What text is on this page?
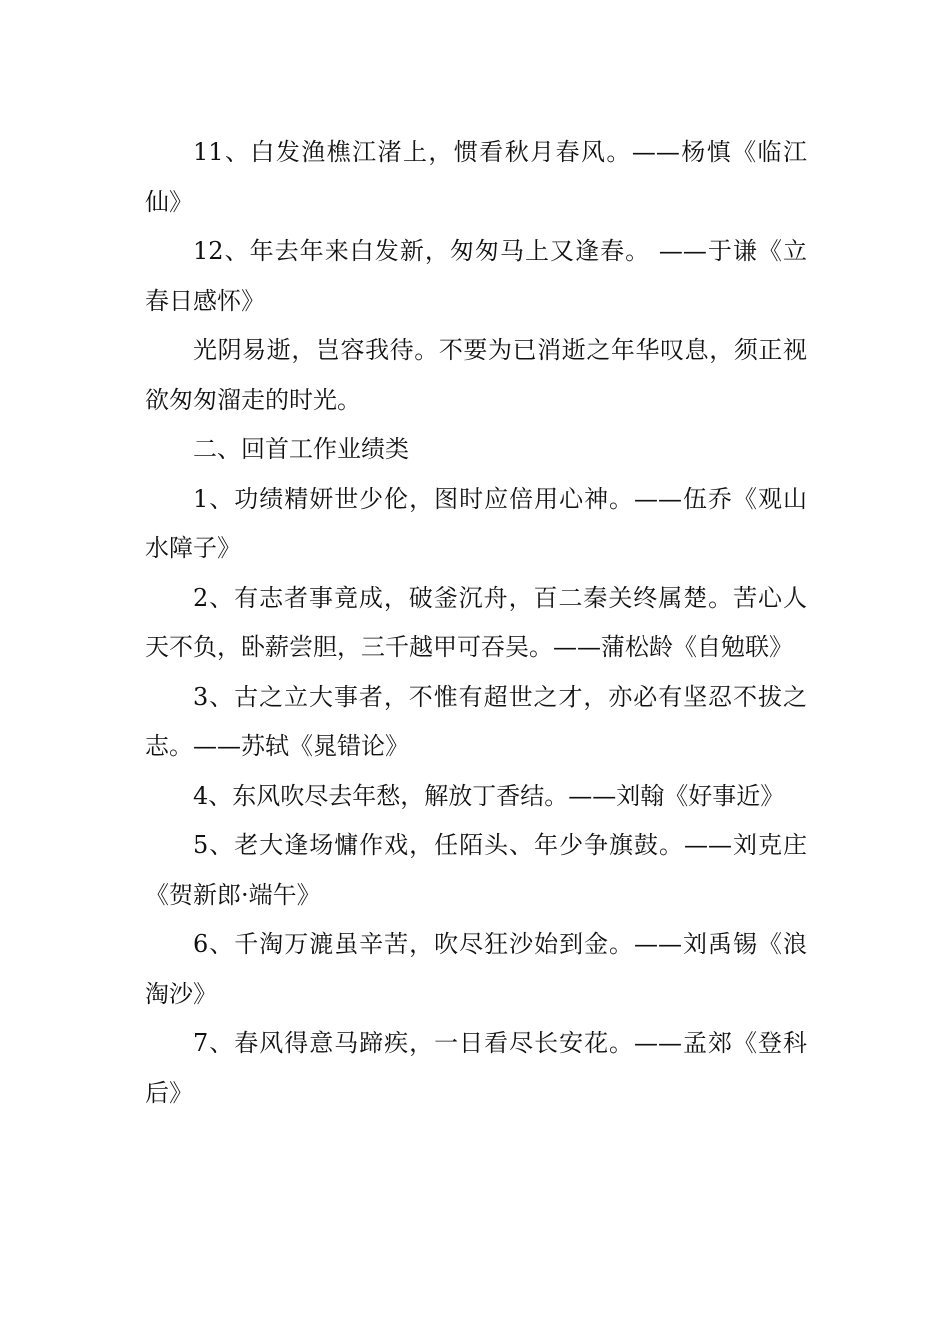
11、白发渔樵江渚上，惯看秋月春风。——杨慎《临江仙》

12、年去年来白发新，匆匆马上又逢春。 ——于谦《立春日感怀》

光阴易逝，岂容我待。不要为已消逝之年华叹息，须正视欲匆匆溜走的时光。

二、回首工作业绩类

1、功绩精妍世少伦，图时应倍用心神。——伍乔《观山水障子》

2、有志者事竟成，破釜沉舟，百二秦关终属楚。苦心人天不负，卧薪尝胆，三千越甲可吞吴。——蒲松龄《自勉联》

3、古之立大事者，不惟有超世之才，亦必有坚忍不拔之志。——苏轼《晁错论》

4、东风吹尽去年愁，解放丁香结。——刘翰《好事近》

5、老大逢场慵作戏，任陌头、年少争旗鼓。——刘克庄《贺新郎·端午》

6、千淘万漉虽辛苦，吹尽狂沙始到金。——刘禹锡《浪淘沙》

7、春风得意马蹄疾，一日看尽长安花。——孟郊《登科后》
